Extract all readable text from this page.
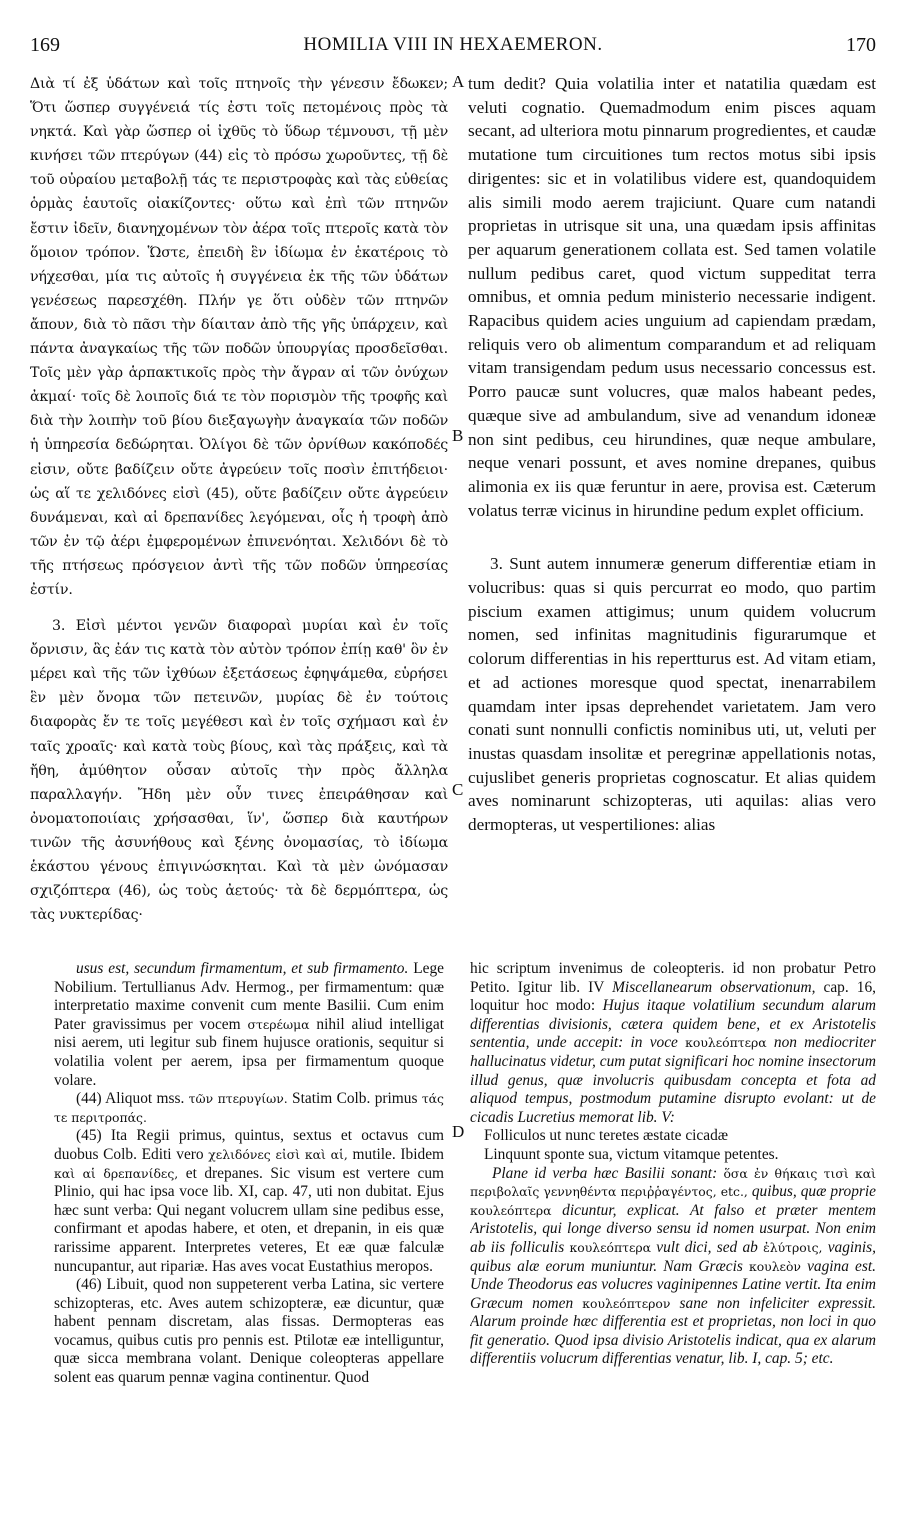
169	HOMILIA VIII IN HEXAEMERON.	170

Διὰ τί ἐξ ὑδάτων καὶ τοῖς πτηνοῖς τὴν γένεσιν ἔδωκεν; Ὅτι ὥσπερ συγγένειά τίς ἐστι τοῖς πετομένοις πρὸς τὰ νηκτά. Καὶ γὰρ ὥσπερ οἱ ἰχθῦς τὸ ὕδωρ τέμνουσι, τῇ μὲν κινήσει τῶν πτερύγων (44) εἰς τὸ πρόσω χωροῦντες, τῇ δὲ τοῦ οὐραίου μεταβολῇ τάς τε περιστροφὰς καὶ τὰς εὐθείας ὁρμὰς ἑαυτοῖς οἰακίζοντες· οὕτω καὶ ἐπὶ τῶν πτηνῶν ἔστιν ἰδεῖν, διανηχομένων τὸν ἀέρα τοῖς πτεροῖς κατὰ τὸν ὅμοιον τρόπον. Ὥστε, ἐπειδὴ ἓν ἰδίωμα ἐν ἑκατέροις τὸ νήχεσθαι, μία τις αὐτοῖς ἡ συγγένεια ἐκ τῆς τῶν ὑδάτων γενέσεως παρεσχέθη. Πλήν γε ὅτι οὐδὲν τῶν πτηνῶν ἄπουν, διὰ τὸ πᾶσι τὴν δίαιταν ἀπὸ τῆς γῆς ὑπάρχειν, καὶ πάντα ἀναγκαίως τῆς τῶν ποδῶν ὑπουργίας προσδεῖσθαι. Τοῖς μὲν γὰρ ἁρπακτικοῖς πρὸς τὴν ἄγραν αἱ τῶν ὀνύχων ἀκμαί· τοῖς δὲ λοιποῖς διά τε τὸν πορισμὸν τῆς τροφῆς καὶ διὰ τὴν λοιπὴν τοῦ βίου διεξαγωγὴν ἀναγκαία τῶν ποδῶν ἡ ὑπηρεσία δεδώρηται. Ὀλίγοι δὲ τῶν ὀρνίθων κακόποδές εἰσιν, οὔτε βαδίζειν οὔτε ἀγρεύειν τοῖς ποσὶν ἐπιτήδειοι· ὡς αἵ τε χελιδόνες εἰσὶ (45), οὔτε βαδίζειν οὔτε ἀγρεύειν δυνάμεναι, καὶ αἱ δρεπανίδες λεγόμεναι, οἷς ἡ τροφὴ ἀπὸ τῶν ἐν τῷ ἀέρι ἐμφερομένων ἐπινενόηται. Χελιδόνι δὲ τὸ τῆς πτήσεως πρόσγειον ἀντὶ τῆς τῶν ποδῶν ὑπηρεσίας ἐστίν.

3. Εἰσὶ μέντοι γενῶν διαφοραὶ μυρίαι καὶ ἐν τοῖς ὄρνισιν, ἃς ἐάν τις κατὰ τὸν αὐτὸν τρόπον ἐπίῃ καθ' ὃν ἐν μέρει καὶ τῆς τῶν ἰχθύων ἐξετάσεως ἐφηψάμεθα, εὑρήσει ἓν μὲν ὄνομα τῶν πετεινῶν, μυρίας δὲ ἐν τούτοις διαφορὰς ἔν τε τοῖς μεγέθεσι καὶ ἐν τοῖς σχήμασι καὶ ἐν ταῖς χροαῖς· καὶ κατὰ τοὺς βίους, καὶ τὰς πράξεις, καὶ τὰ ἤθη, ἀμύθητον οὖσαν αὐτοῖς τὴν πρὸς ἄλληλα παραλλαγήν. Ἤδη μὲν οὖν τινες ἐπειράθησαν καὶ ὀνοματοποιίαις χρήσασθαι, ἵν', ὥσπερ διὰ καυτήρων τινῶν τῆς ἀσυνήθους καὶ ξένης ὀνομασίας, τὸ ἰδίωμα ἑκάστου γένους ἐπιγινώσκηται. Καὶ τὰ μὲν ὠνόμασαν σχιζόπτερα (46), ὡς τοὺς ἀετούς· τὰ δὲ δερμόπτερα, ὡς τὰς νυκτερίδας·

A
B
C
D

tum dedit? Quia volatilia inter et natatilia quædam est veluti cognatio. Quemadmodum enim pisces aquam secant, ad ulteriora motu pinnarum progredientes, et caudæ mutatione tum circuitiones tum rectos motus sibi ipsis dirigentes: sic et in volatilibus videre est, quandoquidem alis simili modo aerem trajiciunt. Quare cum natandi proprietas in utrisque sit una, una quædam ipsis affinitas per aquarum generationem collata est. Sed tamen volatile nullum pedibus caret, quod victum suppeditat terra omnibus, et omnia pedum ministerio necessarie indigent. Rapacibus quidem acies unguium ad capiendam prædam, reliquis vero ob alimentum comparandum et ad reliquam vitam transigendam pedum usus necessario concessus est. Porro paucæ sunt volucres, quæ malos habeant pedes, quæque sive ad ambulandum, sive ad venandum idoneæ non sint pedibus, ceu hirundines, quæ neque ambulare, neque venari possunt, et aves nomine drepanes, quibus alimonia ex iis quæ feruntur in aere, provisa est. Cæterum volatus terræ vicinus in hirundine pedum explet officium.

3. Sunt autem innumeræ generum differentiæ etiam in volucribus: quas si quis percurrat eo modo, quo partim piscium examen attigimus; unum quidem volucrum nomen, sed infinitas magnitudinis figurarumque et colorum differentias in his repertturus est. Ad vitam etiam, et ad actiones moresque quod spectat, inenarrabilem quamdam inter ipsas deprehendet varietatem. Jam vero conati sunt nonnulli confictis nominibus uti, ut, veluti per inustas quasdam insolitæ et peregrinæ appellationis notas, cujuslibet generis proprietas cognoscatur. Et alias quidem aves nominarunt schizopteras, uti aquilas: alias vero dermopteras, ut vespertiliones: alias

usus est, secundum firmamentum, et sub firmamento. Lege Nobilium. Tertullianus Adv. Hermog., per firmamentum: quæ interpretatio maxime convenit cum mente Basilii. Cum enim Pater gravissimus per vocem στερέωμα nihil aliud intelligat nisi aerem, uti legitur sub finem hujusce orationis, sequitur si volatilia volent per aerem, ipsa per firmamentum quoque volare.

(44) Aliquot mss. τῶν πτερυγίων. Statim Colb. primus τάς τε περιτροπάς.

(45) Ita Regii primus, quintus, sextus et octavus cum duobus Colb. Editi vero χελιδόνες εἰσὶ καὶ αἱ, mutile. Ibidem καὶ αἱ δρεπανίδες, et drepanes. Sic visum est vertere cum Plinio, qui hac ipsa voce lib. XI, cap. 47, uti non dubitat. Ejus hæc sunt verba: Qui negant volucrem ullam sine pedibus esse, confirmant et apodas habere, et oten, et drepanin, in eis quæ rarissime apparent. Interpretes veteres, Et eæ quæ falculæ nuncupantur, aut ripariæ. Has aves vocat Eustathius meropos.

(46) Libuit, quod non suppeterent verba Latina, sic vertere schizopteras, etc. Aves autem schizopteræ, eæ dicuntur, quæ habent pennam discretam, alas fissas. Dermopteras eas vocamus, quibus cutis pro pennis est. Ptilotæ eæ intelliguntur, quæ sicca membrana volant. Denique coleopteras appellare solent eas quarum pennæ vagina continentur. Quod

hic scriptum invenimus de coleopteris. id non probatur Petro Petito. Igitur lib. IV Miscellanearum observationum, cap. 16, loquitur hoc modo: Hujus itaque volatilium secundum alarum differentias divisionis, cætera quidem bene, et ex Aristotelis sententia, unde accepit: in voce κουλεόπτερα non mediocriter hallucinatus videtur, cum putat significari hoc nomine insectorum illud genus, quæ involucris quibusdam concepta et fota ad aliquod tempus, postmodum putamine disrupto evolant: ut de cicadis Lucretius memorat lib. V:

Folliculos ut nunc teretes æstate cicadæ

Linquunt sponte sua, victum vitamque petentes.

Plane id verba hæc Basilii sonant: ὅσα ἐν θήκαις τισὶ καὶ περιβολαῖς γεννηθέντα περιῤῥαγέντος, etc., quibus, quæ proprie κουλεόπτερα dicuntur, explicat. At falso et præter mentem Aristotelis, qui longe diverso sensu id nomen usurpat. Non enim ab iis folliculis κουλεόπτερα vult dici, sed ab ἐλύτροις, vaginis, quibus alæ eorum muniuntur. Nam Græcis κουλεὸν vagina est. Unde Theodorus eas volucres vaginipennes Latine vertit. Ita enim Græcum nomen κουλεόπτερον sane non infeliciter expressit. Alarum proinde hæc differentia est et proprietas, non loci in quo fit generatio. Quod ipsa divisio Aristotelis indicat, qua ex alarum differentiis volucrum differentias venatur, lib. I, cap. 5; etc.
